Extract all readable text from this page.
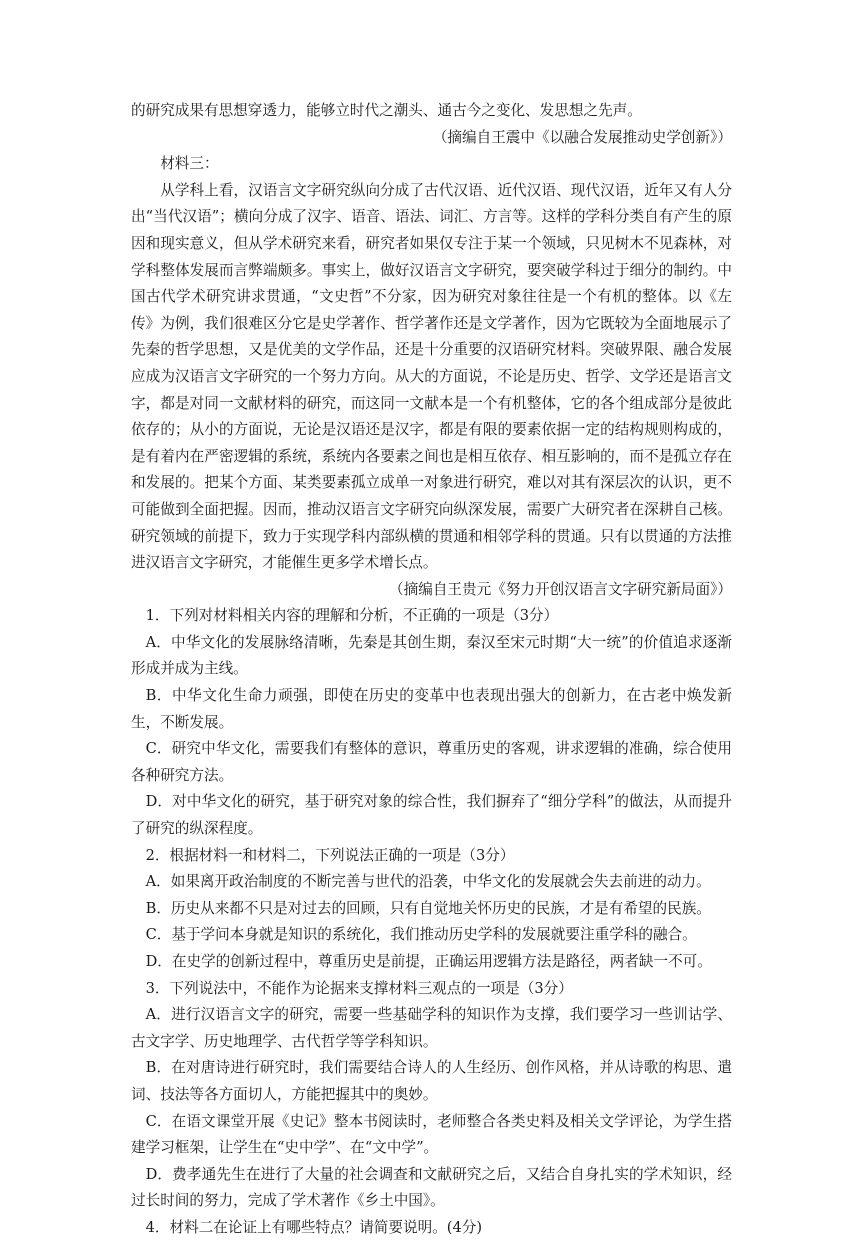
的研究成果有思想穿透力，能够立时代之潮头、通古今之变化、发思想之先声。

（摘编自王震中《以融合发展推动史学创新》）

材料三：

从学科上看，汉语言文字研究纵向分成了古代汉语、近代汉语、现代汉语，近年又有人分出“当代汉语”；横向分成了汉字、语音、语法、词汇、方言等。这样的学科分类自有产生的原因和现实意义，但从学术研究来看，研究者如果仅专注于某一个领域，只见树木不见森林，对学科整体发展而言弊端颇多。事实上，做好汉语言文字研究，要突破学科过于细分的制约。中国古代学术研究讲求贯通，“文史哲”不分家，因为研究对象往往是一个有机的整体。以《左传》为例，我们很难区分它是史学著作、哲学著作还是文学著作，因为它既较为全面地展示了先秦的哲学思想，又是优美的文学作品，还是十分重要的汉语研究材料。突破界限、融合发展应成为汉语言文字研究的一个努力方向。从大的方面说，不论是历史、哲学、文学还是语言文字，都是对同一文献材料的研究，而这同一文献本是一个有机整体，它的各个组成部分是彼此依存的；从小的方面说，无论是汉语还是汉字，都是有限的要素依据一定的结构规则构成的，是有着内在严密逻辑的系统，系统内各要素之间也是相互依存、相互影响的，而不是孤立存在和发展的。把某个方面、某类要素孤立成单一对象进行研究，难以对其有深层次的认识，更不可能做到全面把握。因而，推动汉语言文字研究向纵深发展，需要广大研究者在深耕自己核。研究领域的前提下，致力于实现学科内部纵横的贯通和相邻学科的贯通。只有以贯通的方法推进汉语言文字研究，才能催生更多学术增长点。

（摘编自王贵元《努力开创汉语言文字研究新局面》）

1．下列对材料相关内容的理解和分析，不正确的一项是（3分）

A．中华文化的发展脉络清晰，先秦是其创生期，秦汉至宋元时期“大一统”的价值追求逐渐形成并成为主线。

B．中华文化生命力顽强，即使在历史的变革中也表现出强大的创新力，在古老中焕发新生，不断发展。

C．研究中华文化，需要我们有整体的意识，尊重历史的客观，讲求逻辑的准确，综合使用各种研究方法。

D．对中华文化的研究，基于研究对象的综合性，我们摒弃了“细分学科”的做法，从而提升了研究的纵深程度。

2．根据材料一和材料二，下列说法正确的一项是（3分）

A．如果离开政治制度的不断完善与世代的沿袭，中华文化的发展就会失去前进的动力。

B．历史从来都不只是对过去的回顾，只有自觉地关怀历史的民族，才是有希望的民族。

C．基于学问本身就是知识的系统化，我们推动历史学科的发展就要注重学科的融合。

D．在史学的创新过程中，尊重历史是前提，正确运用逻辑方法是路径，两者缺一不可。

3．下列说法中，不能作为论据来支撑材料三观点的一项是（3分）

A．进行汉语言文字的研究，需要一些基础学科的知识作为支撑，我们要学习一些训诂学、古文字学、历史地理学、古代哲学等学科知识。

B．在对唐诗进行研究时，我们需要结合诗人的人生经历、创作风格，并从诗歌的构思、遣词、技法等各方面切人，方能把握其中的奥妙。

C．在语文课堂开展《史记》整本书阅读时，老师整合各类史料及相关文学评论，为学生搭建学习框架，让学生在“史中学”、在“文中学”。

D．费孝通先生在进行了大量的社会调查和文献研究之后，又结合自身扎实的学术知识，经过长时间的努力，完成了学术著作《乡土中国》。

4．材料二在论证上有哪些特点？请简要说明。(4分)
